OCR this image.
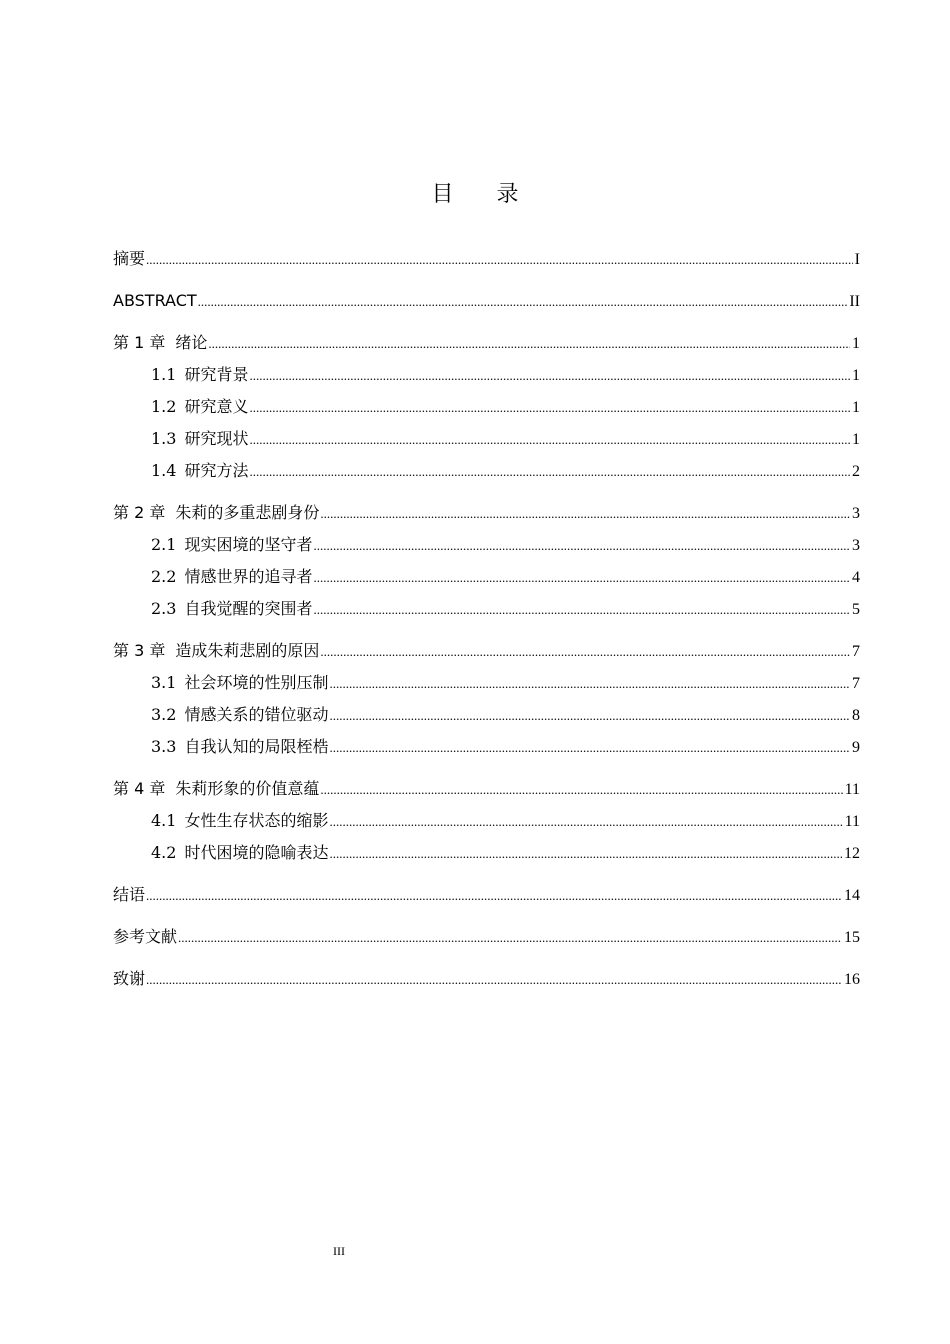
目 录
摘要 .....	I
ABSTRACT .....	II
第 1 章 绪论 .....	1
1.1 研究背景 .....	1
1.2 研究意义 .....	1
1.3 研究现状 .....	1
1.4 研究方法 .....	2
第 2 章 朱莉的多重悲剧身份 .....	3
2.1 现实困境的坚守者 .....	3
2.2 情感世界的追寻者 .....	4
2.3 自我觉醒的突围者 .....	5
第 3 章 造成朱莉悲剧的原因 .....	7
3.1 社会环境的性别压制 .....	7
3.2 情感关系的错位驱动 .....	8
3.3 自我认知的局限桎梏 .....	9
第 4 章 朱莉形象的价值意蕴 .....	11
4.1 女性生存状态的缩影 .....	11
4.2 时代困境的隐喻表达 .....	12
结语 .....	14
参考文献 .....	15
致谢 .....	16
III
